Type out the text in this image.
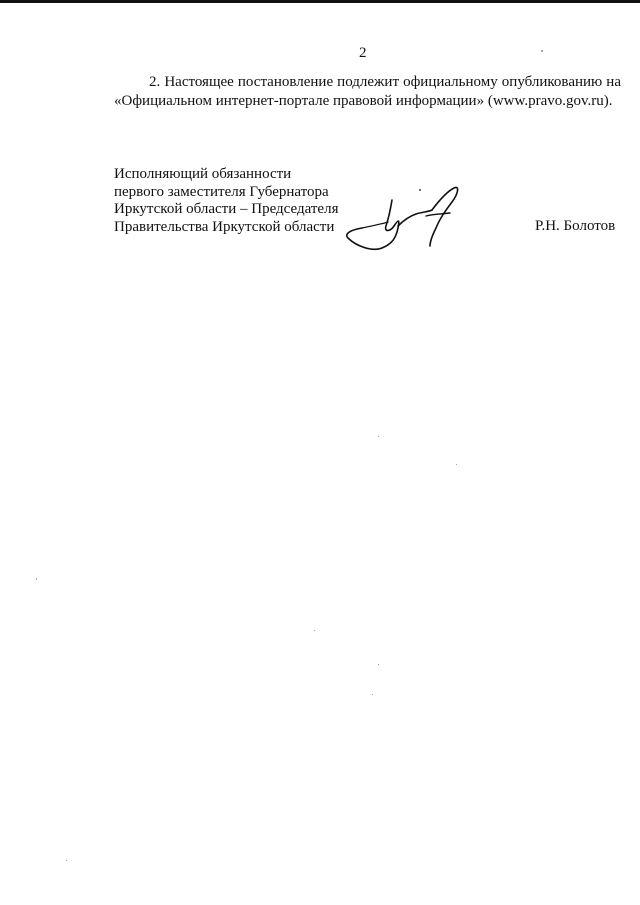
2
2. Настоящее постановление подлежит официальному опубликованию на «Официальном интернет-портале правовой информации» (www.pravo.gov.ru).
Исполняющий обязанности
первого заместителя Губернатора
Иркутской области – Председателя
Правительства Иркутской области	Р.Н. Болотов
